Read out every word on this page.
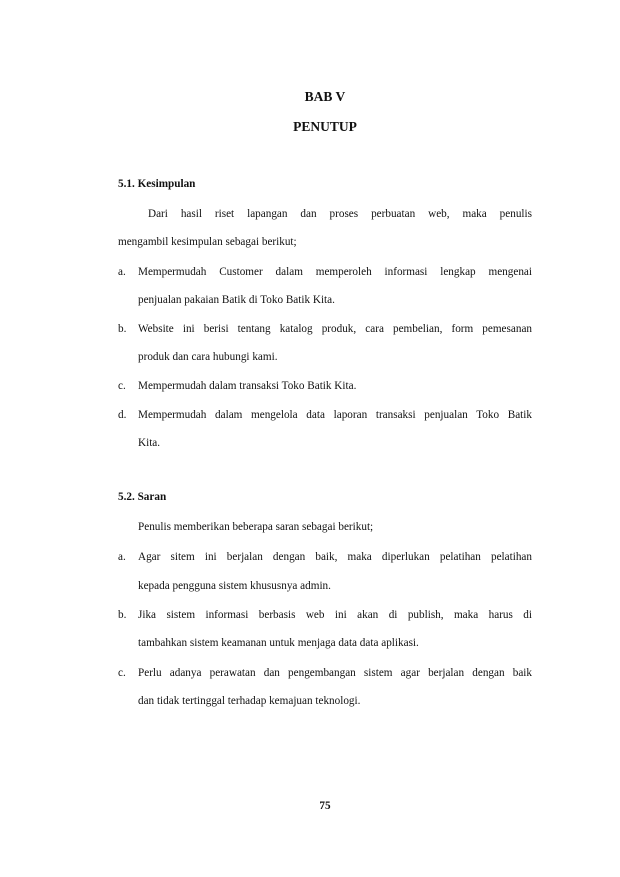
BAB V
PENUTUP
5.1. Kesimpulan
Dari hasil riset lapangan dan proses perbuatan web, maka penulis
mengambil kesimpulan sebagai berikut;
a. Mempermudah Customer dalam memperoleh informasi lengkap mengenai
penjualan pakaian Batik di Toko Batik Kita.
b. Website ini berisi tentang katalog produk, cara pembelian, form pemesanan
produk dan cara hubungi kami.
c. Mempermudah dalam transaksi Toko Batik Kita.
d. Mempermudah dalam mengelola data laporan transaksi penjualan Toko Batik
Kita.
5.2. Saran
Penulis memberikan beberapa saran sebagai berikut;
a. Agar sitem ini berjalan dengan baik, maka diperlukan pelatihan pelatihan
kepada pengguna sistem khususnya admin.
b. Jika sistem informasi berbasis web ini akan di publish, maka harus di
tambahkan sistem keamanan untuk menjaga data data aplikasi.
c. Perlu adanya perawatan dan pengembangan sistem agar berjalan dengan baik
dan tidak tertinggal terhadap kemajuan teknologi.
75
